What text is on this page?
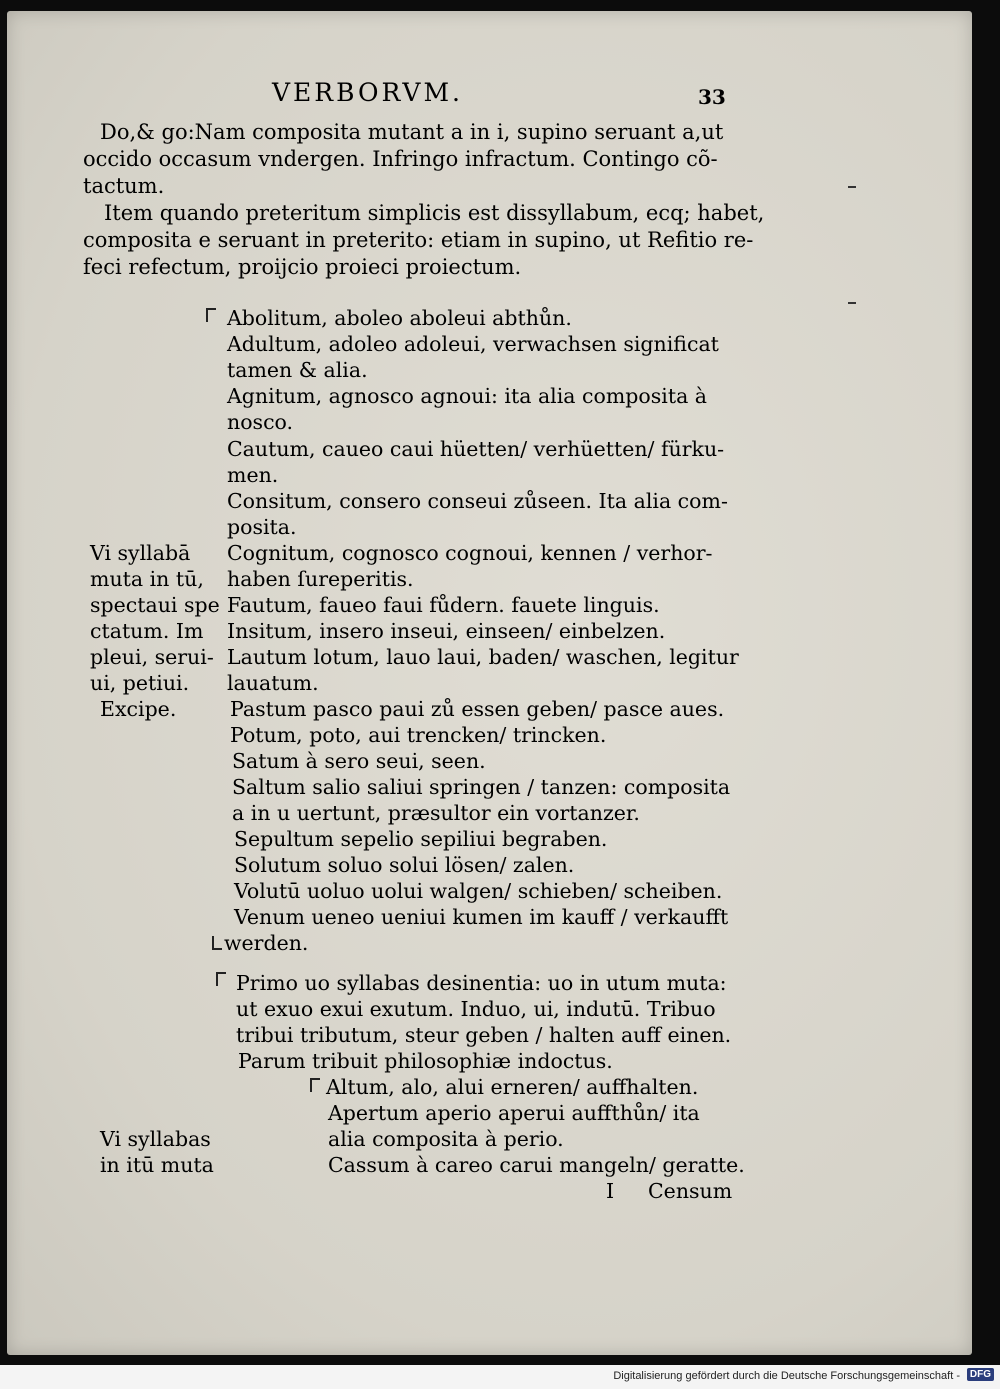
VERBORVM.	33
Do,& go:Nam composita mutant a in i, supino seruant a,ut
occido occasum vndergen. Infringo infractum. Contingo cõ-
tactum.
Item quando preteritum simplicis est dissyllabum, ecq; habet,
composita e seruant in preterito: etiam in supino, ut Refitio re-
feci refectum, proijcio proieci proiectum.
Abolitum, aboleo aboleui abthůn.
Adultum, adoleo adoleui, verwachsen significat
tamen & alia.
Agnitum, agnosco agnoui: ita alia composita à
nosco.
Cautum, caueo caui hüetten/ verhüetten/ fürku-
men.
Consitum, consero conseui zůseen. Ita alia com-
posita.
Cognitum, cognosco cognoui, kennen / verhor-
haben ſureperitis.
Fautum, faueo faui fůdern. fauete linguis.
Insitum, insero inseui, einseen/ einbelzen.
Lautum lotum, lauo laui, baden/ waschen, legitur
lauatum.
Pastum pasco paui zů essen geben/ pasce aues.
Potum, poto, aui trencken/ trincken.
Satum à sero seui, seen.
Saltum salio saliui springen / tanzen: composita
a in u uertunt, præsultor ein vortanzer.
Sepultum sepelio sepiliui begraben.
Solutum soluo solui lösen/ zalen.
Volutū uoluo uolui walgen/ schieben/ scheiben.
Venum ueneo ueniui kumen im kauff / verkaufft
werden.
Vi syllabā
muta in tū,
spectaui spe
ctatum. Im
pleui, serui-
ui, petiui.
Excipe.
Primo uo syllabas desinentia: uo in utum muta:
ut exuo exui exutum. Induo, ui, indutū. Tribuo
tribui tributum, steur geben / halten auff einen.
Parum tribuit philosophiæ indoctus.
Altum, alo, alui erneren/ auffhalten.
Apertum aperio aperui auffthůn/ ita
alia composita à perio.
Cassum à careo carui mangeln/ geratte.
Vi syllabas
in itū muta
I Censum
Digitalisierung gefördert durch die Deutsche Forschungsgemeinschaft - DFG
